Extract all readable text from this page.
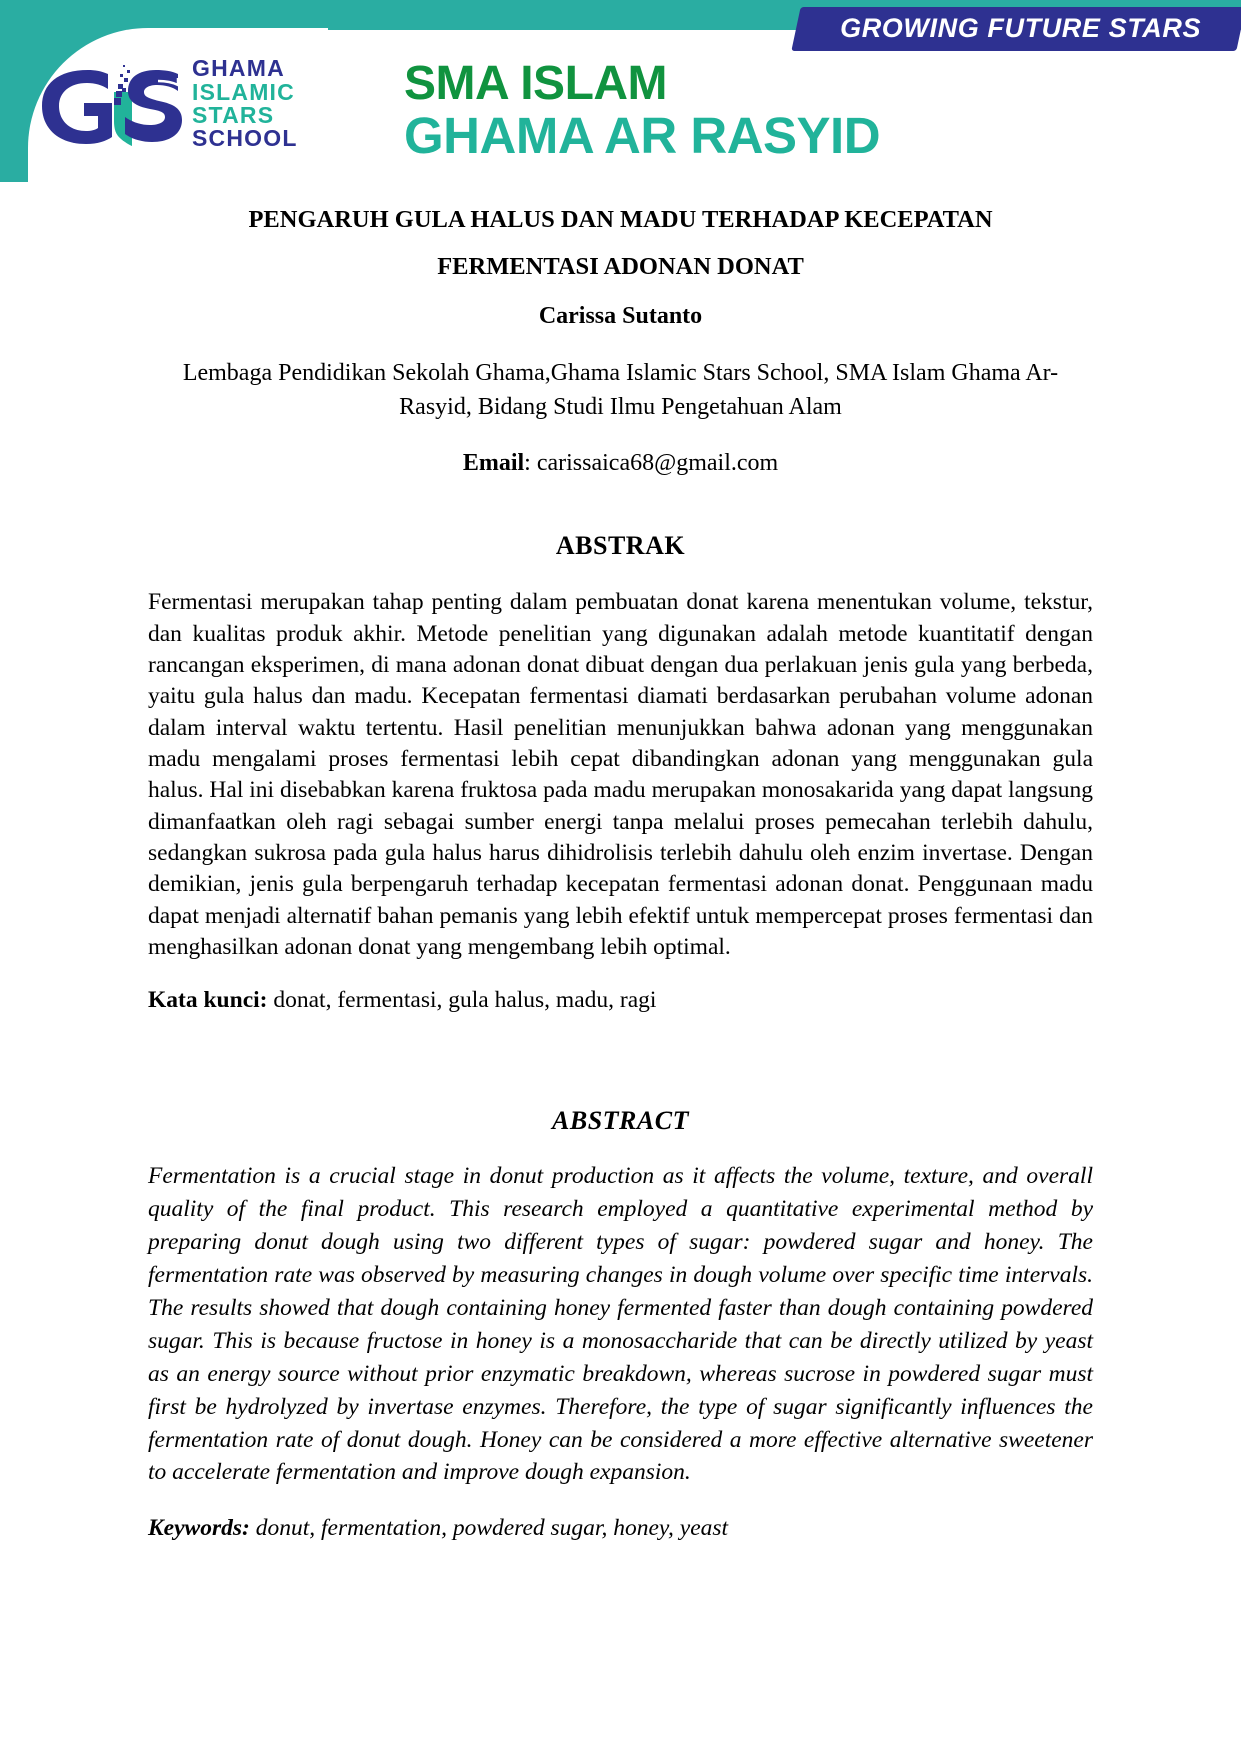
GROWING FUTURE STARS
GHAMA
ISLAMIC
STARS
SCHOOL
SMA ISLAM
GHAMA AR RASYID
PENGARUH GULA HALUS DAN MADU TERHADAP KECEPATAN
FERMENTASI ADONAN DONAT
Carissa Sutanto
Lembaga Pendidikan Sekolah Ghama,Ghama Islamic Stars School, SMA Islam Ghama Ar-Rasyid, Bidang Studi Ilmu Pengetahuan Alam
Email: carissaica68@gmail.com
ABSTRAK
Fermentasi merupakan tahap penting dalam pembuatan donat karena menentukan volume, tekstur, dan kualitas produk akhir. Metode penelitian yang digunakan adalah metode kuantitatif dengan rancangan eksperimen, di mana adonan donat dibuat dengan dua perlakuan jenis gula yang berbeda, yaitu gula halus dan madu. Kecepatan fermentasi diamati berdasarkan perubahan volume adonan dalam interval waktu tertentu. Hasil penelitian menunjukkan bahwa adonan yang menggunakan madu mengalami proses fermentasi lebih cepat dibandingkan adonan yang menggunakan gula halus. Hal ini disebabkan karena fruktosa pada madu merupakan monosakarida yang dapat langsung dimanfaatkan oleh ragi sebagai sumber energi tanpa melalui proses pemecahan terlebih dahulu, sedangkan sukrosa pada gula halus harus dihidrolisis terlebih dahulu oleh enzim invertase. Dengan demikian, jenis gula berpengaruh terhadap kecepatan fermentasi adonan donat. Penggunaan madu dapat menjadi alternatif bahan pemanis yang lebih efektif untuk mempercepat proses fermentasi dan menghasilkan adonan donat yang mengembang lebih optimal.
Kata kunci: donat, fermentasi, gula halus, madu, ragi
ABSTRACT
Fermentation is a crucial stage in donut production as it affects the volume, texture, and overall quality of the final product. This research employed a quantitative experimental method by preparing donut dough using two different types of sugar: powdered sugar and honey. The fermentation rate was observed by measuring changes in dough volume over specific time intervals. The results showed that dough containing honey fermented faster than dough containing powdered sugar. This is because fructose in honey is a monosaccharide that can be directly utilized by yeast as an energy source without prior enzymatic breakdown, whereas sucrose in powdered sugar must first be hydrolyzed by invertase enzymes. Therefore, the type of sugar significantly influences the fermentation rate of donut dough. Honey can be considered a more effective alternative sweetener to accelerate fermentation and improve dough expansion.
Keywords: donut, fermentation, powdered sugar, honey, yeast
